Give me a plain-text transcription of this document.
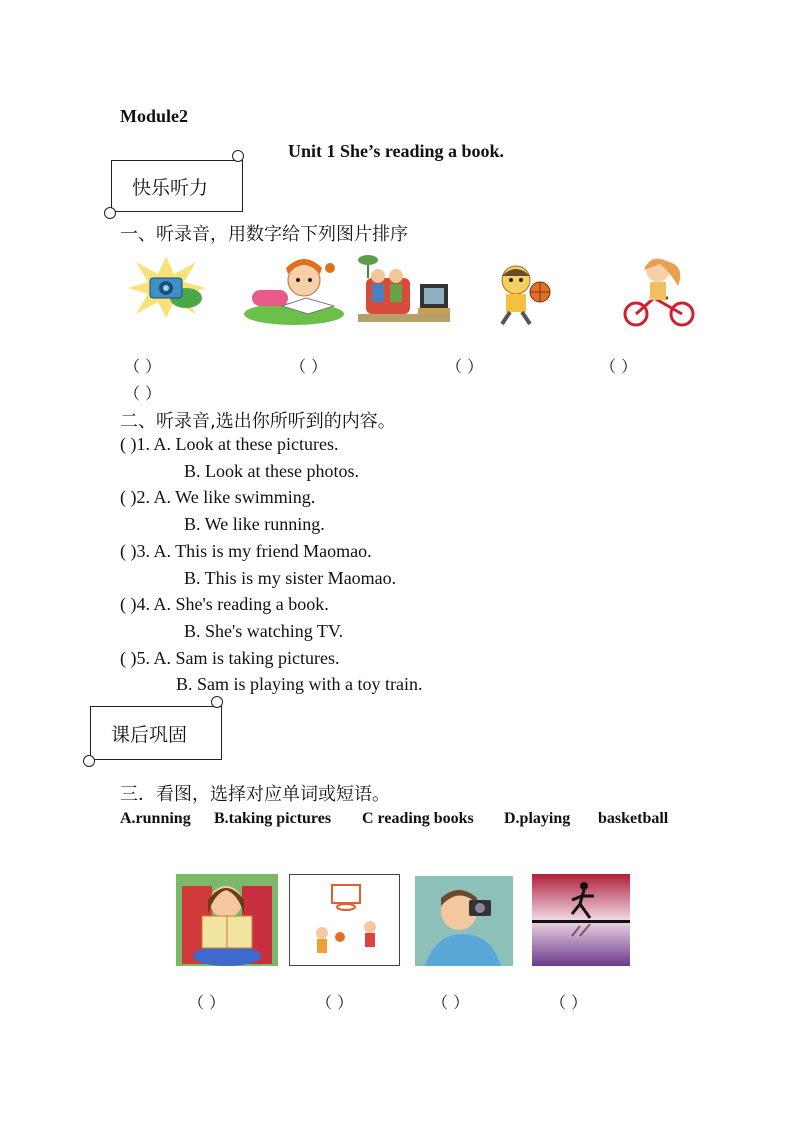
Module2
Unit 1 She’s reading a book.
快乐听力
一、听录音，用数字给下列图片排序
（ ）	（ ）	（ ）	（ ）
（ ）
二、听录音,选出你所听到的内容。
( )1. A. Look at these pictures.
B. Look at these photos.
( )2. A. We like swimming.
B. We like running.
( )3. A. This is my friend Maomao.
B. This is my sister Maomao.
( )4. A. She's reading a book.
B. She's watching TV.
( )5. A. Sam is taking pictures.
B. Sam is playing with a toy train.
课后巩固
三．看图，选择对应单词或短语。
A.running B.taking pictures C reading books D.playing basketball
（ ）	（ ）	（ ）	（ ）
